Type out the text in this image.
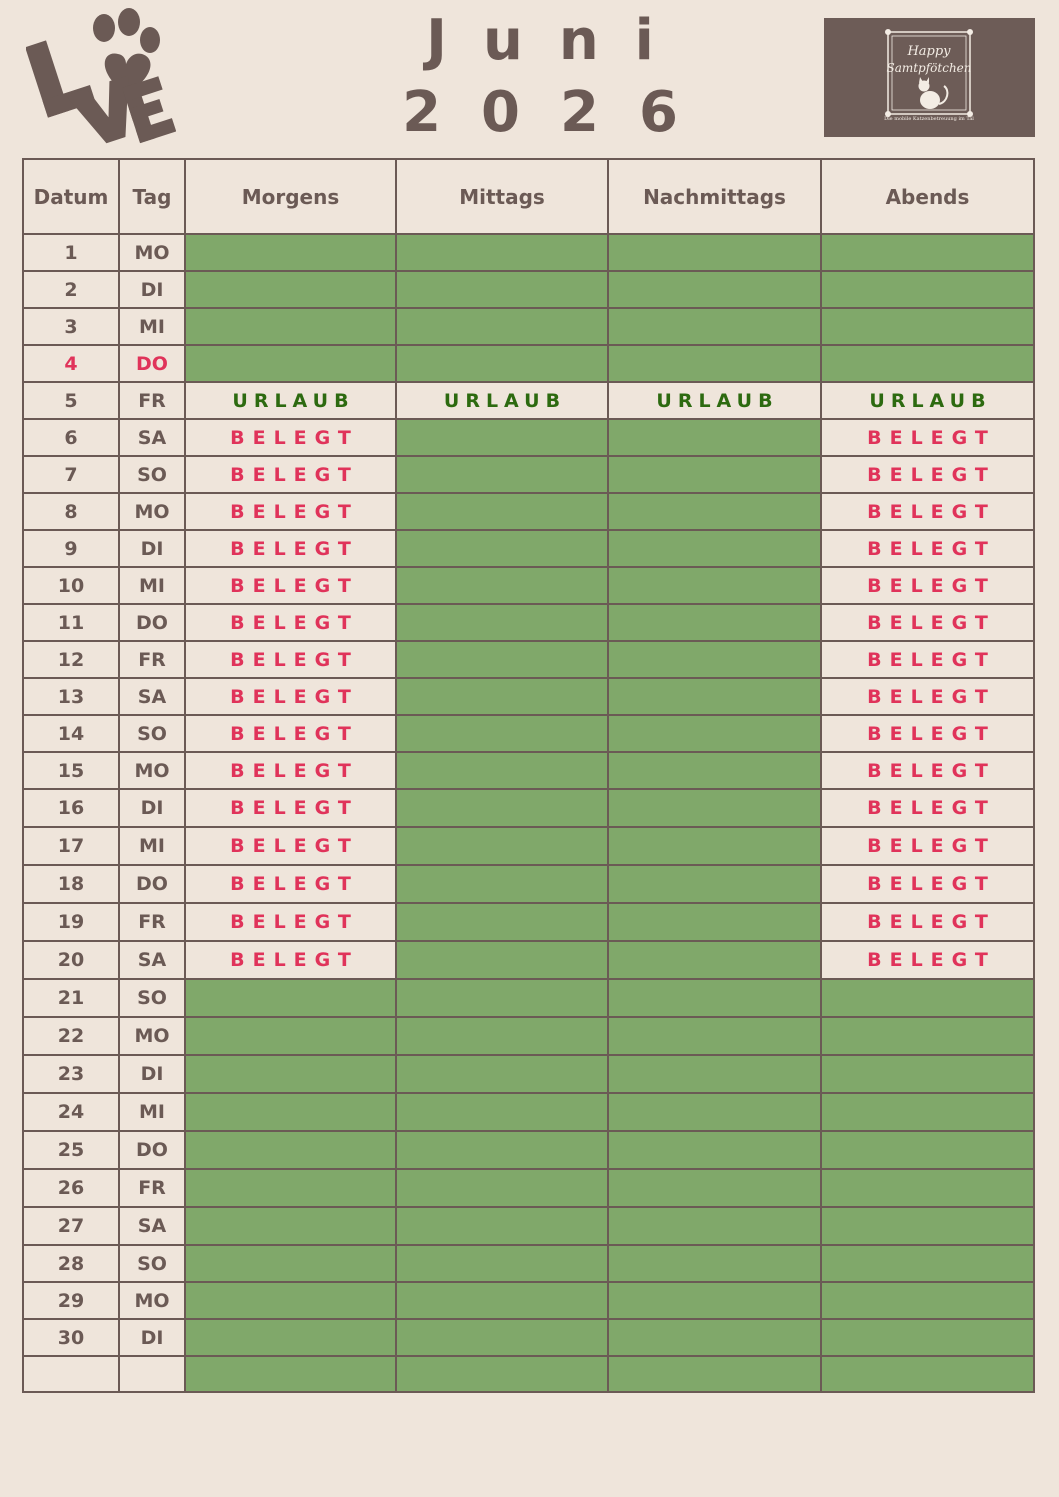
Juni
2026
Happy
Samtpfötchen
Die mobile Katzenbetreuung im Tal
Datum	Tag	Morgens	Mittags	Nachmittags	Abends
1	MO				
2	DI				
3	MI				
4	DO				
5	FR	URLAUB	URLAUB	URLAUB	URLAUB
6	SA	BELEGT			BELEGT
7	SO	BELEGT			BELEGT
8	MO	BELEGT			BELEGT
9	DI	BELEGT			BELEGT
10	MI	BELEGT			BELEGT
11	DO	BELEGT			BELEGT
12	FR	BELEGT			BELEGT
13	SA	BELEGT			BELEGT
14	SO	BELEGT			BELEGT
15	MO	BELEGT			BELEGT
16	DI	BELEGT			BELEGT
17	MI	BELEGT			BELEGT
18	DO	BELEGT			BELEGT
19	FR	BELEGT			BELEGT
20	SA	BELEGT			BELEGT
21	SO				
22	MO				
23	DI				
24	MI				
25	DO				
26	FR				
27	SA				
28	SO				
29	MO				
30	DI				
